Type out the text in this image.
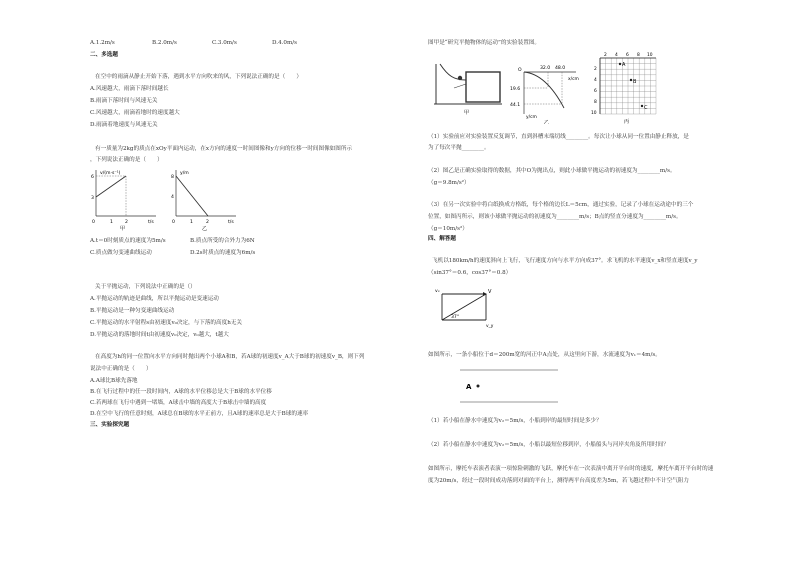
A.1.2m/s	B.2.0m/s	C.3.0m/s	D.4.0m/s
二、多选题
在空中的雨滴从静止开始下落，遇到水平方向吹来的风，下列说法正确的是（　　）
A.风速越大，雨滴下落时间越长
B.雨滴下落时间与风速无关
C.风速越大，雨滴着地时的速度越大
D.雨滴着地速度与风速无关
有一质量为2kg的质点在xOy平面内运动，在x方向的速度一时间图像和y方向的位移一时间图像如图所示
，下列说法正确的是（　　）
v/(m·s⁻¹)
t/s
6
3
0	1	2
甲
y/m
t/s
8
4
0	1	2
乙
A.t＝0时刻质点的速度为5m/s	B.质点所受的合外力为6N
C.质点做匀变速曲线运动	D.2s时质点的速度为6m/s
关于平抛运动，下列说法中正确的是（）
A.平抛运动的轨迹是曲线，所以平抛运动是变速运动
B.平抛运动是一种匀变速曲线运动
C.平抛运动的水平射程s由初速度v₀决定，与下落的高度h无关
D.平抛运动的落地时间t由初速度v₀决定，v₀越大，t越大
在高度为h的同一位置向水平方向同时抛出两个小球A和B，若A球的初速度v_A大于B球的初速度v_B，则下列
说法中正确的是（　　）
A.A球比B球先落地
B.在飞行过程中的任一段时间内，A球的水平位移总是大于B球的水平位移
C.若两球在飞行中遇到一堵墙，A球击中墙的高度大于B球击中墙的高度
D.在空中飞行的任意时刻，A球总在B球的水平正前方，且A球的速率总是大于B球的速率
三、实验探究题
图甲是“研究平抛物体的运动”的实验装置图。
甲
O	32.0 48.0
x/cm
19.6
44.1
y/cm
乙
2 4 6 8 10
2
4
6
8
10
A
B
C
丙
（1）实验前应对实验装置反复调节，直到斜槽末端切线________。每次让小球从同一位置由静止释放，是
为了每次平抛________。
（2）图乙是正确实验取得的数据，其中O为抛出点，则此小球做平抛运动的初速度为________m/s。
（g＝9.8m/s²）
（3）在另一次实验中将白纸换成方格纸，每个格的边长L＝5cm，通过实验，记录了小球在运动途中的三个
位置，如图丙所示，则该小球做平抛运动的初速度为________m/s；B点的竖直分速度为________m/s。
（g＝10m/s²）
四、解答题
飞机以180km/h的速度斜向上飞行，飞行速度方向与水平方向成37°。求飞机的水平速度v_x和竖直速度v_y
（sin37°＝0.6，cos37°＝0.8）
vₓ	V
37°
v_y
如图所示，一条小船位于d＝200m宽的河正中A点处，从这里向下游，水流速度为v₁＝4m/s。
A
（1）若小船在静水中速度为v₂＝5m/s，小船到岸的最短时间是多少？
（2）若小船在静水中速度为v₂＝5m/s，小船以最短位移到岸，小船船头与河岸夹角及所用时间？
如图所示，摩托车表演者表演一项惊险刺激的飞跃，摩托车在一次表演中离开平台时的速度，摩托车离开平台时的速
度为20m/s，经过一段时间成功落到对面的平台上，测得两平台高度差为5m，若飞越过程中不计空气阻力
